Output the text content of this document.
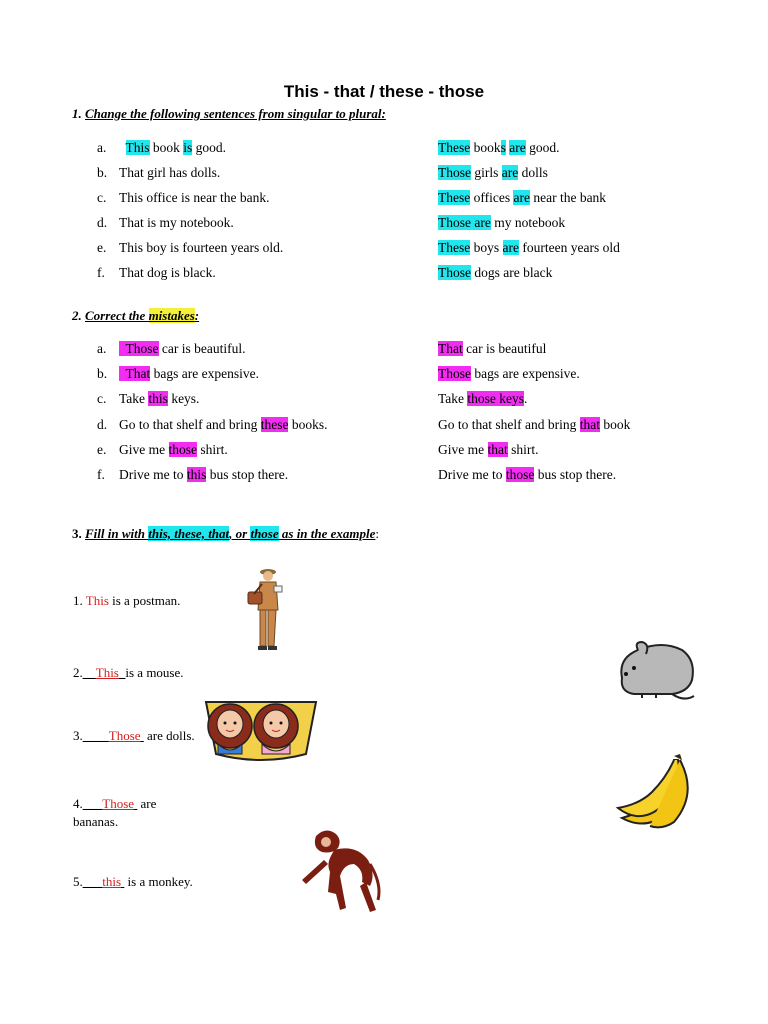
This - that / these - those
1. Change the following sentences from singular to plural:
a. This book is good.	These books are good.
b. That girl has dolls.	Those girls are dolls
c. This office is near the bank.	These offices are near the bank
d. That is my notebook.	Those are my notebook
e. This boy is fourteen years old.	These boys are fourteen years old
f. That dog is black.	Those dogs are black
2. Correct the mistakes:
a.  Those car is beautiful.	That car is beautiful
b.  That bags are expensive.	Those bags are expensive.
c. Take this keys.	Take those keys.
d. Go to that shelf and bring these books.	Go to that shelf and bring that book
e. Give me those shirt.	Give me that shirt.
f. Drive me to this bus stop there.	Drive me to those bus stop there.
3. Fill in with this, these, that, or those as in the example:
1. This is a postman.
2.__This_is a mouse.
3.____Those  are dolls.
4.___Those  are
bananas.
5.___this  is a monkey.
